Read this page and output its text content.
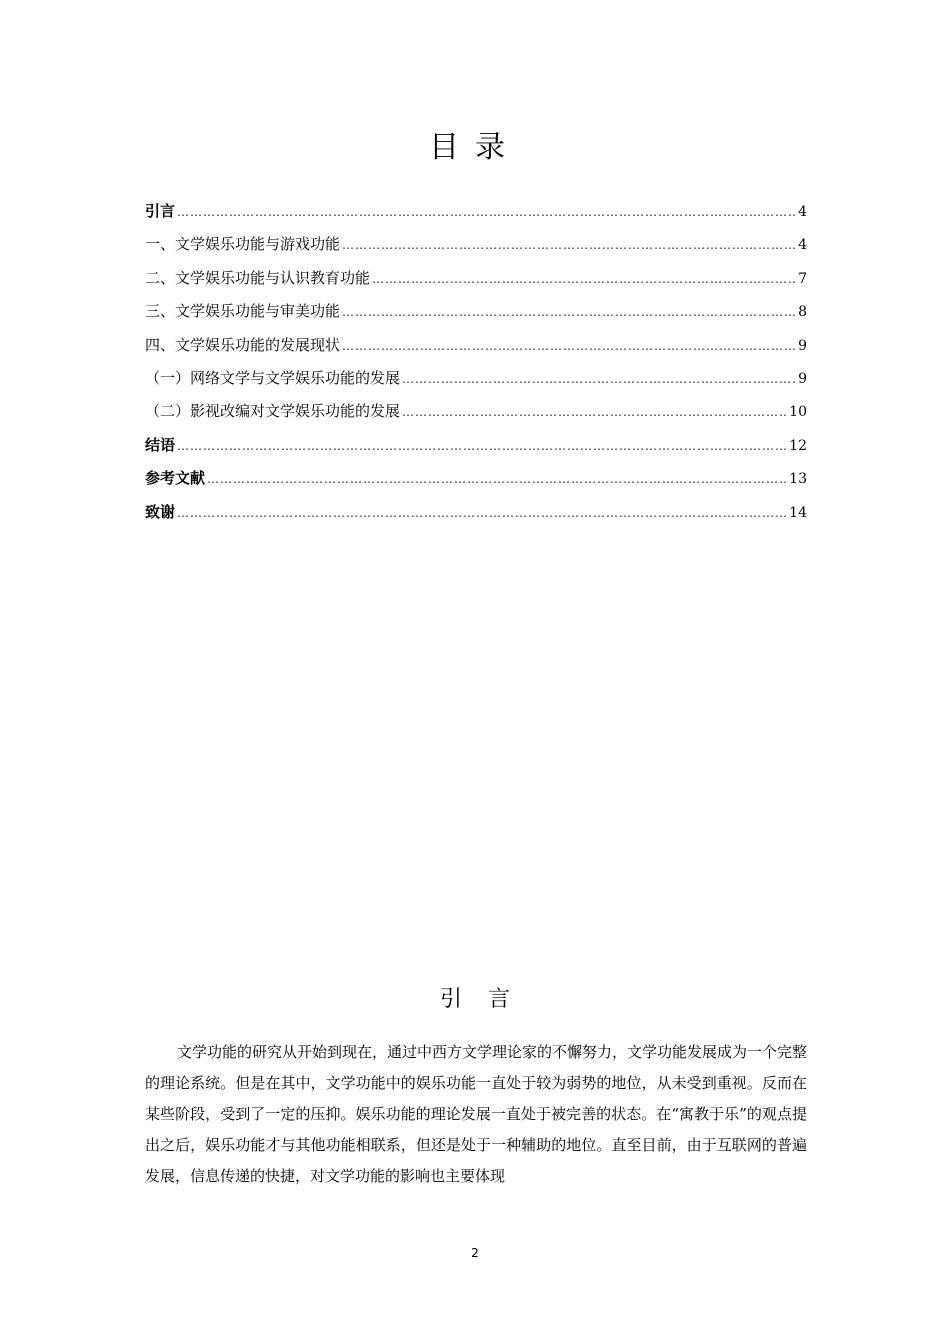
目录
引言 ……………………………………………………………………………………………………………………………………………………………………………………………………………………	4
一、文学娱乐功能与游戏功能 ……………………………………………………………………………………………………………………………………………………………………………………………………………………	4
二、文学娱乐功能与认识教育功能 ……………………………………………………………………………………………………………………………………………………………………………………………………………………	7
三、文学娱乐功能与审美功能 ……………………………………………………………………………………………………………………………………………………………………………………………………………………	8
四、文学娱乐功能的发展现状 ……………………………………………………………………………………………………………………………………………………………………………………………………………………	9
（一）网络文学与文学娱乐功能的发展 ……………………………………………………………………………………………………………………………………………………………………………………………………………………	9
（二）影视改编对文学娱乐功能的发展 ……………………………………………………………………………………………………………………………………………………………………………………………………………………	10
结语 ……………………………………………………………………………………………………………………………………………………………………………………………………………………	12
参考文献 ……………………………………………………………………………………………………………………………………………………………………………………………………………………	13
致谢 ……………………………………………………………………………………………………………………………………………………………………………………………………………………	14
引言

文学功能的研究从开始到现在，通过中西方文学理论家的不懈努力，文学功能发展成为一个完整的理论系统。但是在其中，文学功能中的娱乐功能一直处于较为弱势的地位，从未受到重视。反而在某些阶段，受到了一定的压抑。娱乐功能的理论发展一直处于被完善的状态。在“寓教于乐”的观点提出之后，娱乐功能才与其他功能相联系，但还是处于一种辅助的地位。直至目前，由于互联网的普遍发展，信息传递的快捷，对文学功能的影响也主要体现

2
